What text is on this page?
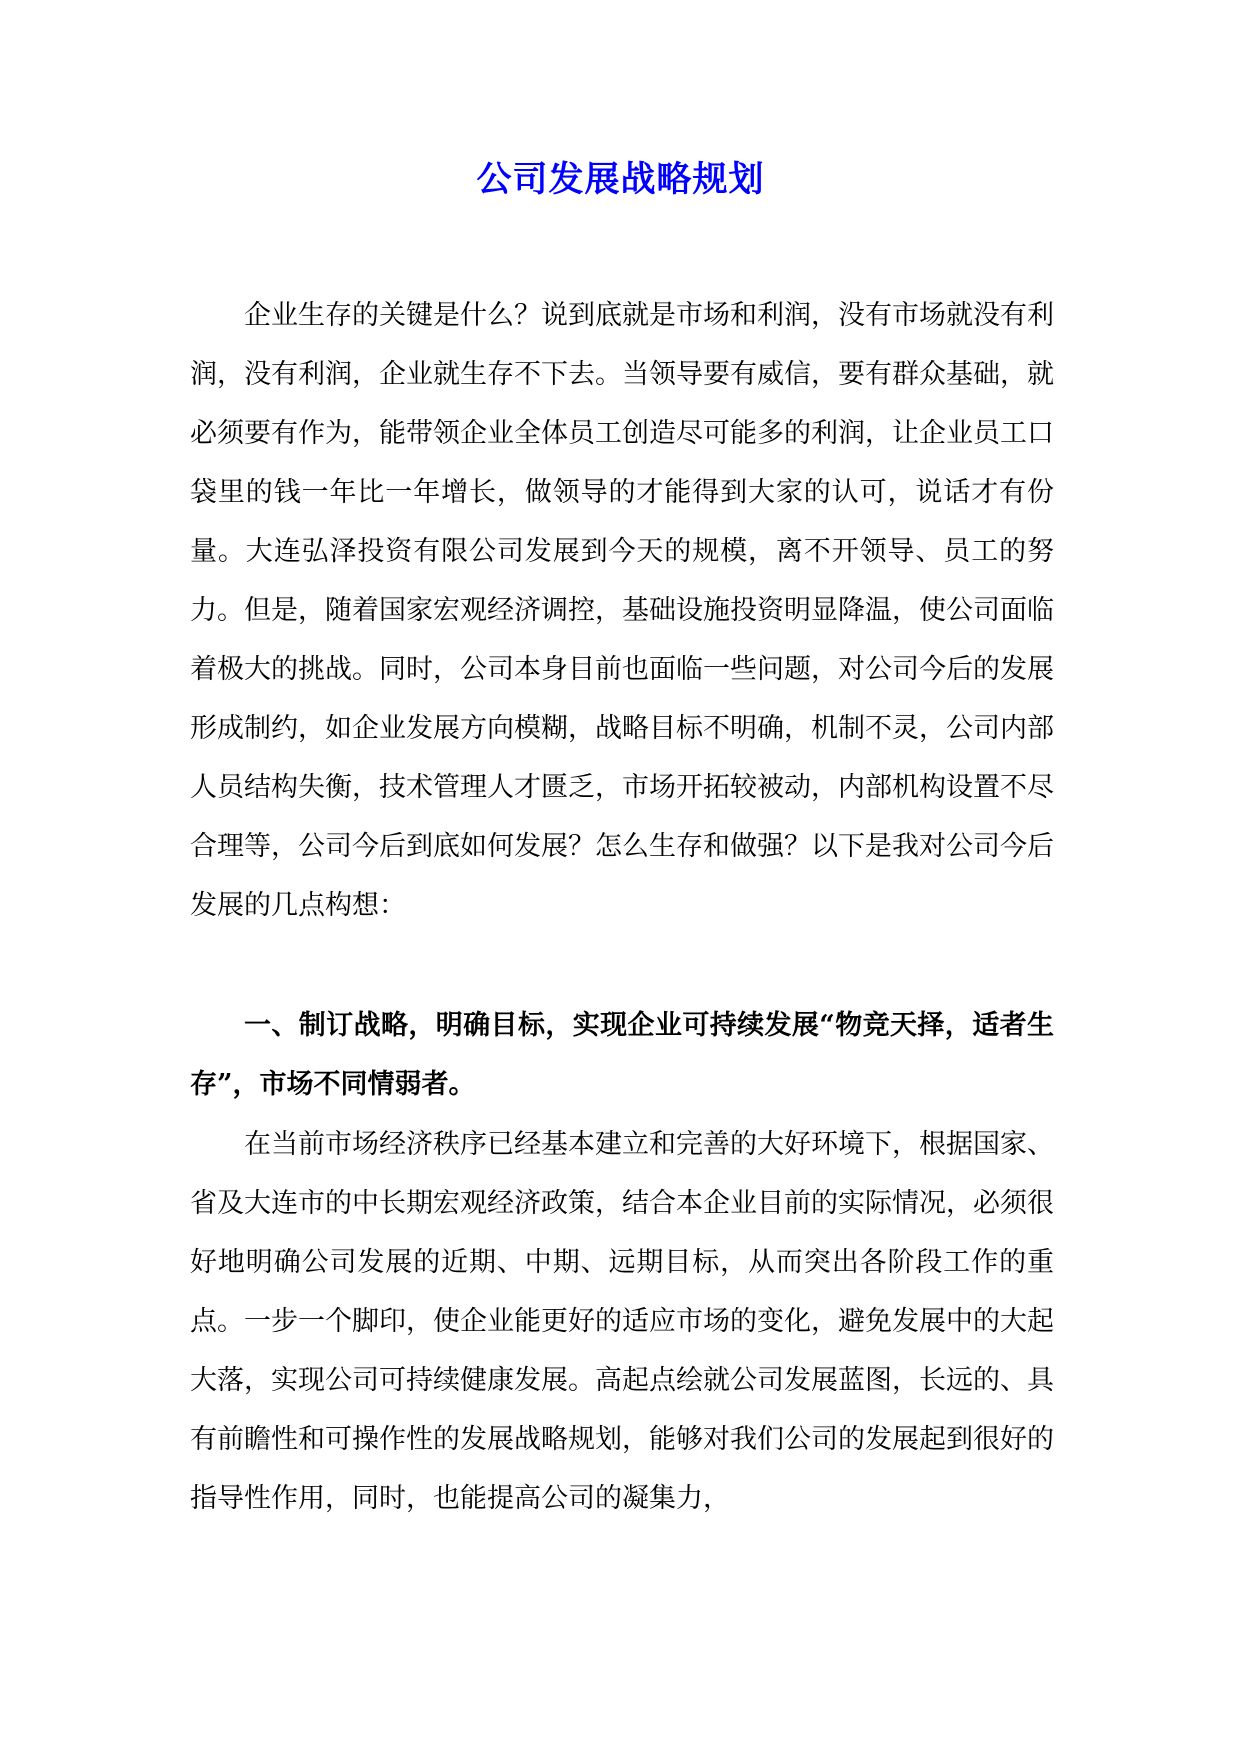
公司发展战略规划

企业生存的关键是什么？说到底就是市场和利润，没有市场就没有利润，没有利润，企业就生存不下去。当领导要有威信，要有群众基础，就必须要有作为，能带领企业全体员工创造尽可能多的利润，让企业员工口袋里的钱一年比一年增长，做领导的才能得到大家的认可，说话才有份量。大连弘泽投资有限公司发展到今天的规模，离不开领导、员工的努力。但是，随着国家宏观经济调控，基础设施投资明显降温，使公司面临着极大的挑战。同时，公司本身目前也面临一些问题，对公司今后的发展形成制约，如企业发展方向模糊，战略目标不明确，机制不灵，公司内部人员结构失衡，技术管理人才匮乏，市场开拓较被动，内部机构设置不尽合理等，公司今后到底如何发展？怎么生存和做强？以下是我对公司今后发展的几点构想：

一、制订战略，明确目标，实现企业可持续发展“物竞天择，适者生存”，市场不同情弱者。

在当前市场经济秩序已经基本建立和完善的大好环境下，根据国家、省及大连市的中长期宏观经济政策，结合本企业目前的实际情况，必须很好地明确公司发展的近期、中期、远期目标，从而突出各阶段工作的重点。一步一个脚印，使企业能更好的适应市场的变化，避免发展中的大起大落，实现公司可持续健康发展。高起点绘就公司发展蓝图，长远的、具有前瞻性和可操作性的发展战略规划，能够对我们公司的发展起到很好的指导性作用，同时，也能提高公司的凝集力，
